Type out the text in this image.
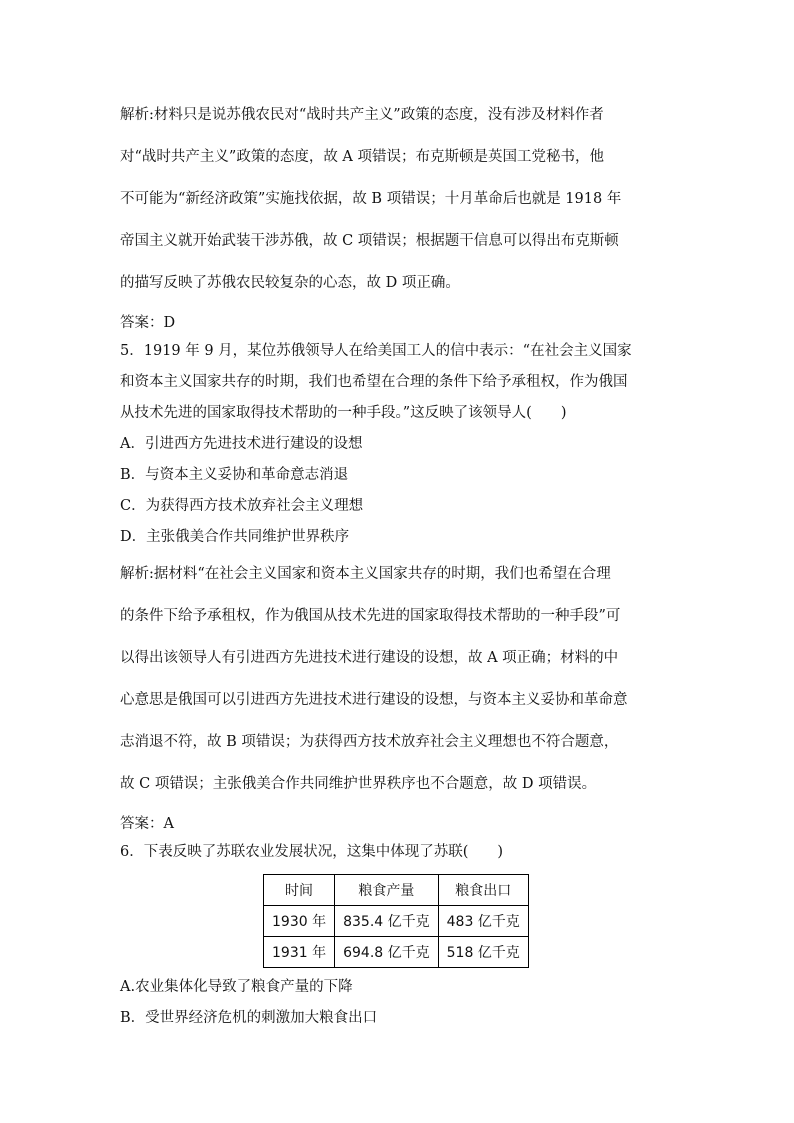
解析:材料只是说苏俄农民对“战时共产主义”政策的态度，没有涉及材料作者

对“战时共产主义”政策的态度，故 A 项错误；布克斯顿是英国工党秘书，他

不可能为“新经济政策”实施找依据，故 B 项错误；十月革命后也就是 1918 年

帝国主义就开始武装干涉苏俄，故 C 项错误；根据题干信息可以得出布克斯顿

的描写反映了苏俄农民较复杂的心态，故 D 项正确。

答案：D

5．1919 年 9 月，某位苏俄领导人在给美国工人的信中表示：“在社会主义国家

和资本主义国家共存的时期，我们也希望在合理的条件下给予承租权，作为俄国

从技术先进的国家取得技术帮助的一种手段。”这反映了该领导人(　　)

A．引进西方先进技术进行建设的设想

B．与资本主义妥协和革命意志消退

C．为获得西方技术放弃社会主义理想

D．主张俄美合作共同维护世界秩序

解析:据材料“在社会主义国家和资本主义国家共存的时期，我们也希望在合理

的条件下给予承租权，作为俄国从技术先进的国家取得技术帮助的一种手段”可

以得出该领导人有引进西方先进技术进行建设的设想，故 A 项正确；材料的中

心意思是俄国可以引进西方先进技术进行建设的设想，与资本主义妥协和革命意

志消退不符，故 B 项错误；为获得西方技术放弃社会主义理想也不符合题意，

故 C 项错误；主张俄美合作共同维护世界秩序也不合题意，故 D 项错误。

答案：A

6．下表反映了苏联农业发展状况，这集中体现了苏联(　　)

时间	粮食产量	粮食出口
1930 年	835.4 亿千克	483 亿千克
1931 年	694.8 亿千克	518 亿千克

A.农业集体化导致了粮食产量的下降

B．受世界经济危机的刺激加大粮食出口
